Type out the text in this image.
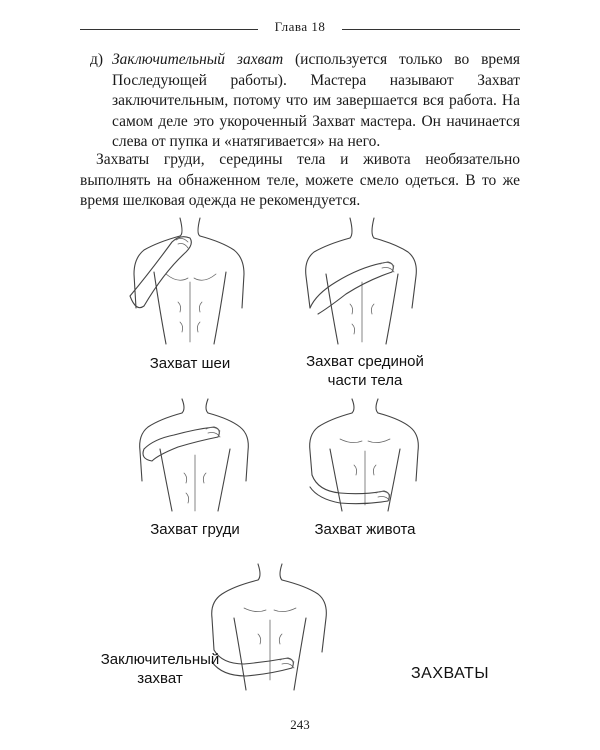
Глава 18
д) Заключительный захват (используется только во время Последующей работы). Мастера называют Захват заключительным, потому что им завершается вся работа. На самом деле это укороченный Захват мастера. Он начинается слева от пупка и «натягивается» на него.
Захваты груди, середины тела и живота необязательно выполнять на обнаженном теле, можете смело одеться. В то же время шелковая одежда не рекомендуется.
Захват шеи	Захват срединой
части тела
Захват груди	Захват живота
Заключительный
захват	ЗАХВАТЫ
243
